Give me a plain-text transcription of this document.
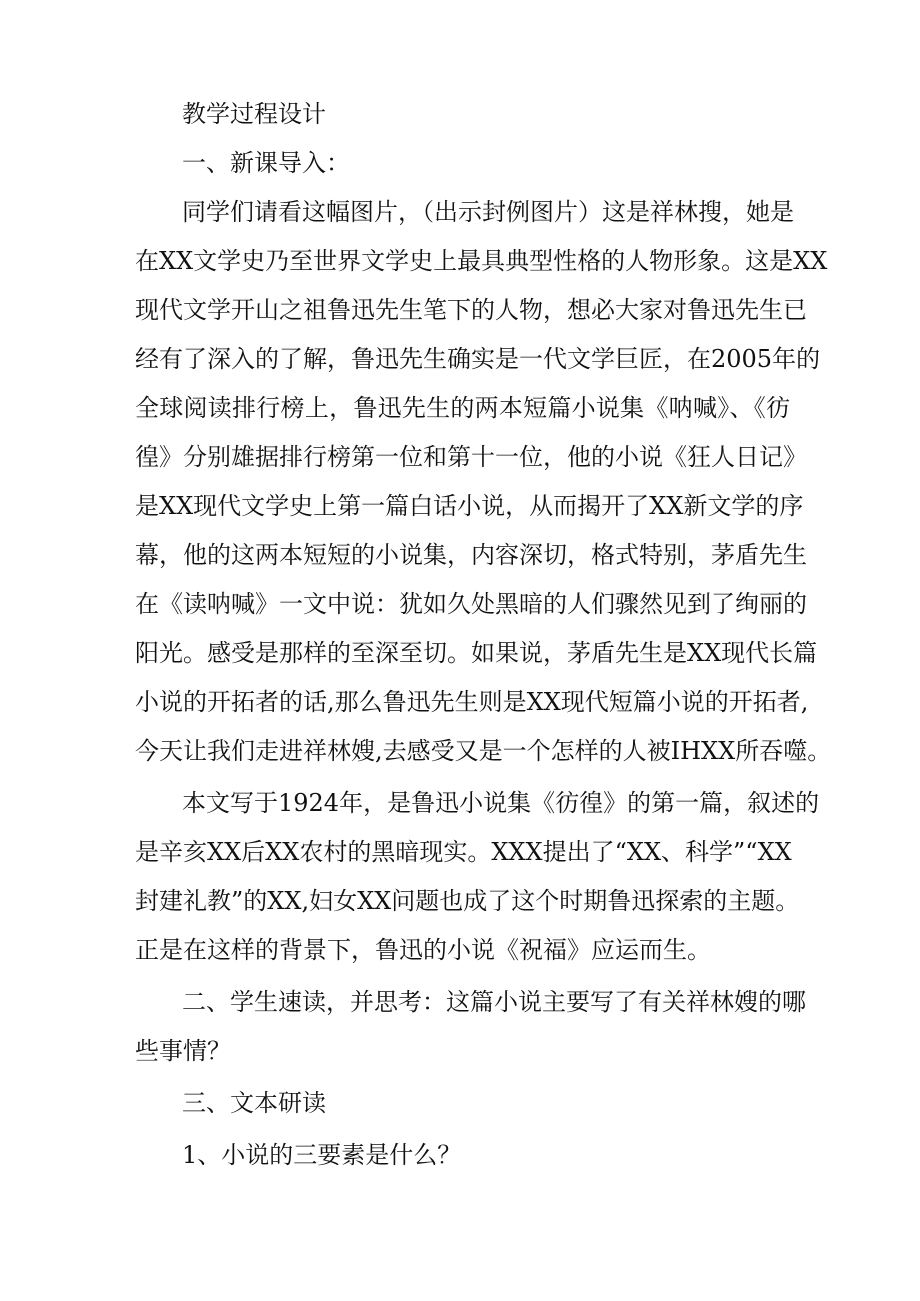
教学过程设计
一、新课导入：
同学们请看这幅图片，（出示封例图片）这是祥林搜，她是
在XX文学史乃至世界文学史上最具典型性格的人物形象。这是XX
现代文学开山之祖鲁迅先生笔下的人物，想必大家对鲁迅先生已
经有了深入的了解，鲁迅先生确实是一代文学巨匠，在2005年的
全球阅读排行榜上，鲁迅先生的两本短篇小说集《呐喊》、《彷
徨》分别雄据排行榜第一位和第十一位，他的小说《狂人日记》
是XX现代文学史上第一篇白话小说，从而揭开了XX新文学的序
幕，他的这两本短短的小说集，内容深切，格式特别，茅盾先生
在《读呐喊》一文中说：犹如久处黑暗的人们骤然见到了绚丽的
阳光。感受是那样的至深至切。如果说，茅盾先生是XX现代长篇
小说的开拓者的话,那么鲁迅先生则是XX现代短篇小说的开拓者,
今天让我们走进祥林嫂,去感受又是一个怎样的人被IHXX所吞噬。
本文写于1924年，是鲁迅小说集《彷徨》的第一篇，叙述的
是辛亥XX后XX农村的黑暗现实。XXX提出了“XX、科学”“XX
封建礼教”的XX,妇女XX问题也成了这个时期鲁迅探索的主题。
正是在这样的背景下，鲁迅的小说《祝福》应运而生。
二、学生速读，并思考：这篇小说主要写了有关祥林嫂的哪
些事情？
三、文本研读
1、小说的三要素是什么？
